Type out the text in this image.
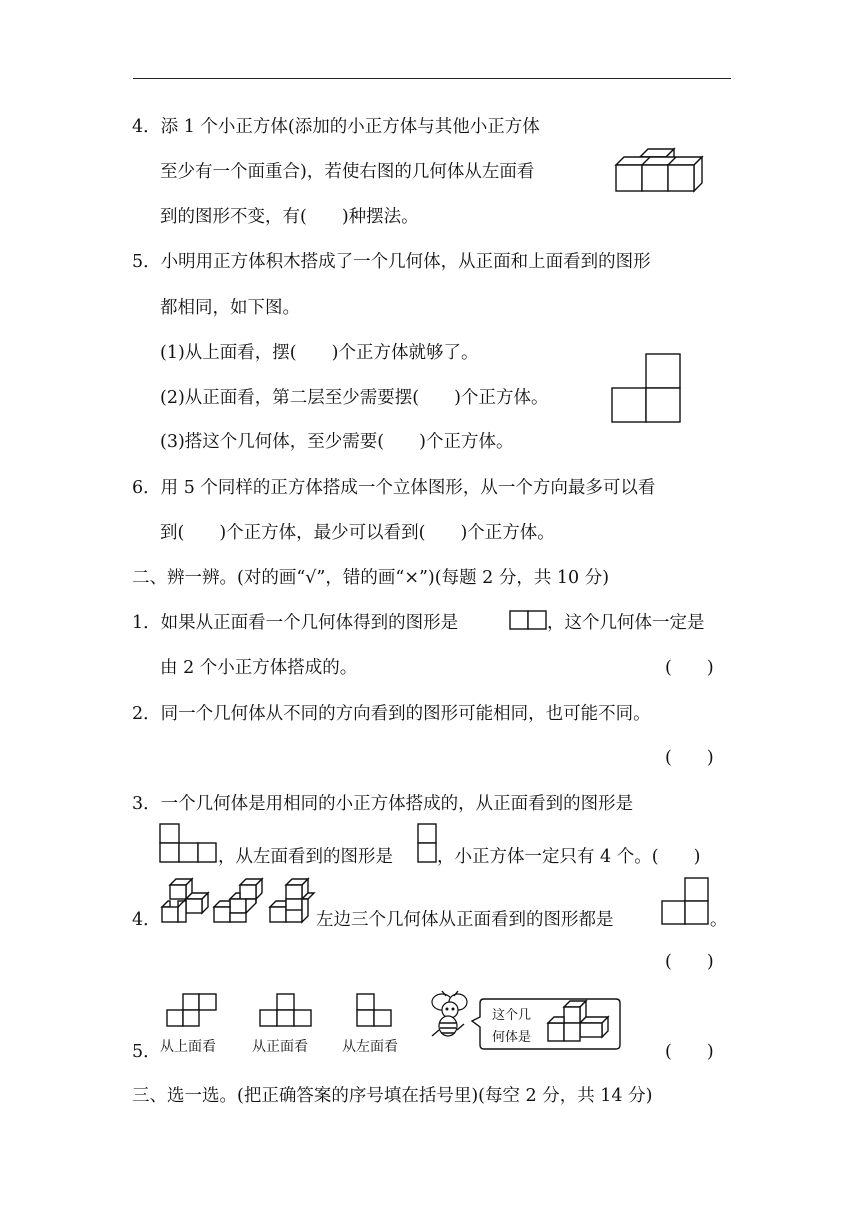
4．添 1 个小正方体(添加的小正方体与其他小正方体
至少有一个面重合)，若使右图的几何体从左面看
到的图形不变，有(　　)种摆法。
5．小明用正方体积木搭成了一个几何体，从正面和上面看到的图形
都相同，如下图。
(1)从上面看，摆(　　)个正方体就够了。
(2)从正面看，第二层至少需要摆(　　)个正方体。
(3)搭这个几何体，至少需要(　　)个正方体。
6．用 5 个同样的正方体搭成一个立体图形，从一个方向最多可以看
到(　　)个正方体，最少可以看到(　　)个正方体。
二、辨一辨。(对的画“√”，错的画“×”)(每题 2 分，共 10 分)
1．如果从正面看一个几何体得到的图形是	，这个几何体一定是
由 2 个小正方体搭成的。	(　　)
2．同一个几何体从不同的方向看到的图形可能相同，也可能不同。
(　　)
3．一个几何体是用相同的小正方体搭成的，从正面看到的图形是
，从左面看到的图形是	，小正方体一定只有 4 个。(　　)
4．	左边三个几何体从正面看到的图形都是	。
(　　)
5． 从上面看	从正面看 从左面看
这个几
何体是
(　　)
三、选一选。(把正确答案的序号填在括号里)(每空 2 分，共 14 分)
